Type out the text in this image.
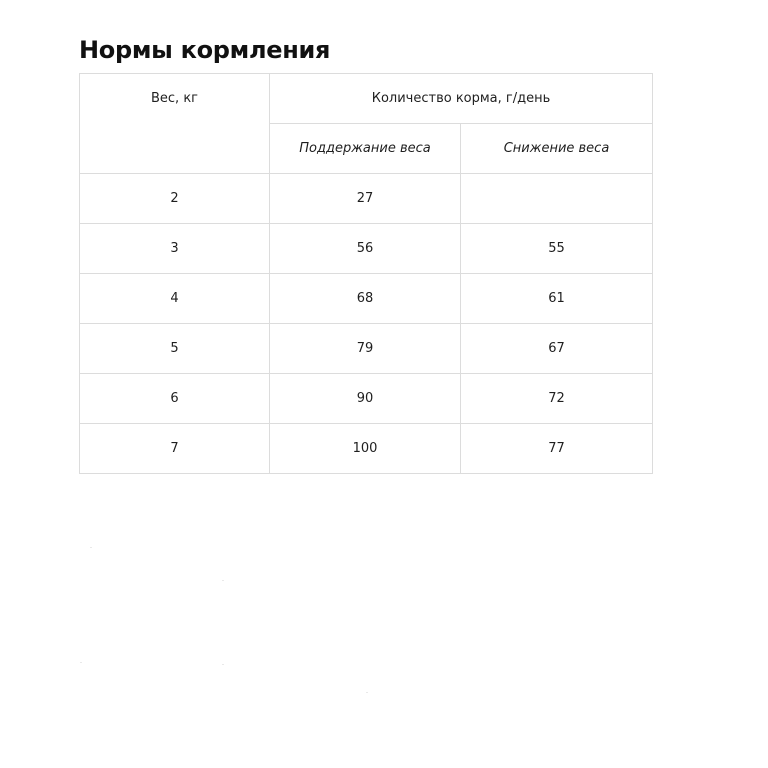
Нормы кормления
Вес, кг	Количество корма, г/день	
	Поддержание веса	Снижение веса
2	27	
3	56	55
4	68	61
5	79	67
6	90	72
7	100	77
